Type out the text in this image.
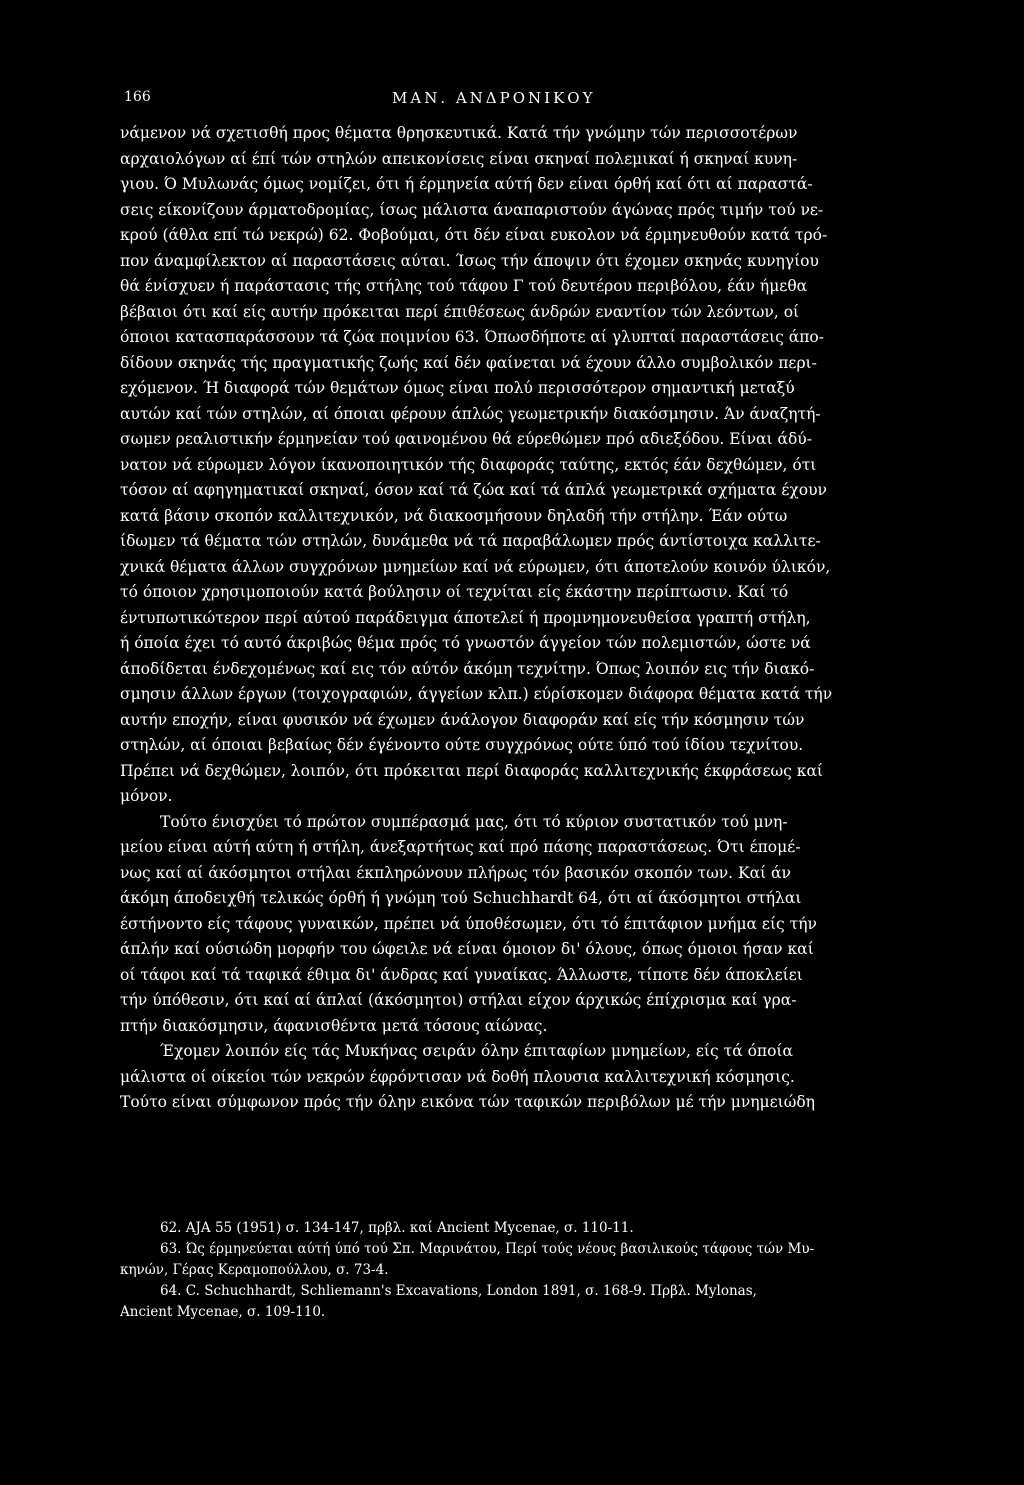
166	ΜΑΝ. ΑΝΔΡΟΝΙΚΟΥ
νάμενον νά σχετισθή προς θέματα θρησκευτικά. Κατά τήν γνώμην τών περισσοτέρων
αρχαιολόγων αί έπί τών στηλών απεικονίσεις είναι σκηναί πολεμικαί ή σκηναί κυνη-
γιου. Ό Μυλωνάς όμως νομίζει, ότι ή έρμηνεία αύτή δεν είναι όρθή καί ότι αί παραστά-
σεις είκονίζουν άρματοδρομίας, ίσως μάλιστα άναπαριστούν άγώνας πρός τιμήν τού νε-
κρού (άθλα επί τώ νεκρώ) 62. Φοβούμαι, ότι δέν είναι ευκολον νά έρμηνευθούν κατά τρό-
πον άναμφίλεκτον αί παραστάσεις αύται. Ίσως τήν άποψιν ότι έχομεν σκηνάς κυνηγίου
θά ένίσχυεν ή παράστασις τής στήλης τού τάφου Γ τού δευτέρου περιβόλου, έάν ήμεθα
βέβαιοι ότι καί είς αυτήν πρόκειται περί έπιθέσεως άνδρών εναντίον τών λεόντων, οί
όποιοι κατασπαράσσουν τά ζώα ποιμνίου 63. Όπωσδήποτε αί γλυπταί παραστάσεις άπο-
δίδουν σκηνάς τής πραγματικής ζωής καί δέν φαίνεται νά έχουν άλλο συμβολικόν περι-
εχόμενον. Ή διαφορά τών θεμάτων όμως είναι πολύ περισσότερον σημαντική μεταξύ
αυτών καί τών στηλών, αί όποιαι φέρουν άπλώς γεωμετρικήν διακόσμησιν. Άν άναζητή-
σωμεν ρεαλιστικήν έρμηνείαν τού φαινομένου θά εύρεθώμεν πρό αδιεξόδου. Είναι άδύ-
νατον νά εύρωμεν λόγον ίκανοποιητικόν τής διαφοράς ταύτης, εκτός έάν δεχθώμεν, ότι
τόσον αί αφηγηματικαί σκηναί, όσον καί τά ζώα καί τά άπλά γεωμετρικά σχήματα έχουν
κατά βάσιν σκοπόν καλλιτεχνικόν, νά διακοσμήσουν δηλαδή τήν στήλην. Έάν ούτω
ίδωμεν τά θέματα τών στηλών, δυνάμεθα νά τά παραβάλωμεν πρός άντίστοιχα καλλιτε-
χνικά θέματα άλλων συγχρόνων μνημείων καί νά εύρωμεν, ότι άποτελούν κοινόν ύλικόν,
τό όποιον χρησιμοποιούν κατά βούλησιν οί τεχνίται είς έκάστην περίπτωσιν. Καί τό
έντυπωτικώτερον περί αύτού παράδειγμα άποτελεί ή προμνημονευθείσα γραπτή στήλη,
ή όποία έχει τό αυτό άκριβώς θέμα πρός τό γνωστόν άγγείον τών πολεμιστών, ώστε νά
άποδίδεται ένδεχομένως καί εις τόν αύτόν άκόμη τεχνίτην. Όπως λοιπόν εις τήν διακό-
σμησιν άλλων έργων (τοιχογραφιών, άγγείων κλπ.) εύρίσκομεν διάφορα θέματα κατά τήν
αυτήν εποχήν, είναι φυσικόν νά έχωμεν άνάλογον διαφοράν καί είς τήν κόσμησιν τών
στηλών, αί όποιαι βεβαίως δέν έγένοντο ούτε συγχρόνως ούτε ύπό τού ίδίου τεχνίτου.
Πρέπει νά δεχθώμεν, λοιπόν, ότι πρόκειται περί διαφοράς καλλιτεχνικής έκφράσεως καί
μόνον.
Τούτο ένισχύει τό πρώτον συμπέρασμά μας, ότι τό κύριον συστατικόν τού μνη-
μείου είναι αύτή αύτη ή στήλη, άνεξαρτήτως καί πρό πάσης παραστάσεως. Ότι έπομέ-
νως καί αί άκόσμητοι στήλαι έκπληρώνουν πλήρως τόν βασικόν σκοπόν των. Καί άν
άκόμη άποδειχθή τελικώς όρθή ή γνώμη τού Schuchhardt 64, ότι αί άκόσμητοι στήλαι
έστήνοντο είς τάφους γυναικών, πρέπει νά ύποθέσωμεν, ότι τό έπιτάφιον μνήμα είς τήν
άπλήν καί ούσιώδη μορφήν του ώφειλε νά είναι όμοιον δι' όλους, όπως όμοιοι ήσαν καί
οί τάφοι καί τά ταφικά έθιμα δι' άνδρας καί γυναίκας. Άλλωστε, τίποτε δέν άποκλείει
τήν ύπόθεσιν, ότι καί αί άπλαί (άκόσμητοι) στήλαι είχον άρχικώς έπίχρισμα καί γρα-
πτήν διακόσμησιν, άφανισθέντα μετά τόσους αίώνας.
Έχομεν λοιπόν είς τάς Μυκήνας σειράν όλην έπιταφίων μνημείων, είς τά όποία
μάλιστα οί οίκείοι τών νεκρών έφρόντισαν νά δοθή πλουσια καλλιτεχνική κόσμησις.
Τούτο είναι σύμφωνον πρός τήν όλην εικόνα τών ταφικών περιβόλων μέ τήν μνημειώδη
62. AJA 55 (1951) σ. 134-147, πρβλ. καί Ancient Mycenae, σ. 110-11.
63. Ώς έρμηνεύεται αύτή ύπό τού Σπ. Μαρινάτου, Περί τούς νέους βασιλικούς τάφους τών Μυ-
κηνών, Γέρας Κεραμοπούλλου, σ. 73-4.
64. C. Schuchhardt, Schliemann's Excavations, London 1891, σ. 168-9. Πρβλ. Mylonas,
Ancient Mycenae, σ. 109-110.
